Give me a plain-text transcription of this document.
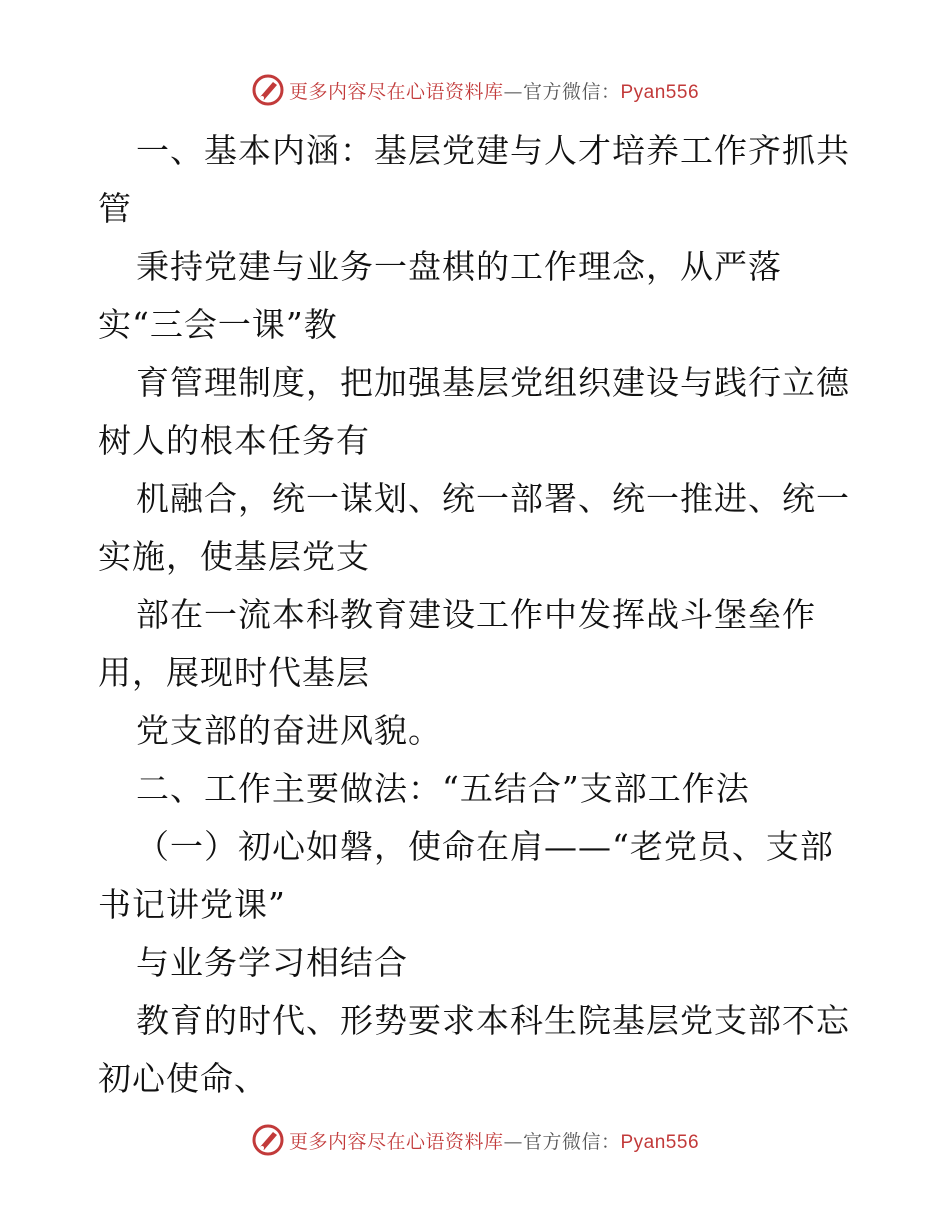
更多内容尽在心语资料库—官方微信：Pyan556
一、基本内涵：基层党建与人才培养工作齐抓共
管
秉持党建与业务一盘棋的工作理念，从严落
实“三会一课”教
育管理制度，把加强基层党组织建设与践行立德
树人的根本任务有
机融合，统一谋划、统一部署、统一推进、统一
实施，使基层党支
部在一流本科教育建设工作中发挥战斗堡垒作
用，展现时代基层
党支部的奋进风貌。
二、工作主要做法：“五结合”支部工作法
（一）初心如磐，使命在肩——“老党员、支部
书记讲党课”
与业务学习相结合
教育的时代、形势要求本科生院基层党支部不忘
初心使命、
更多内容尽在心语资料库—官方微信：Pyan556
